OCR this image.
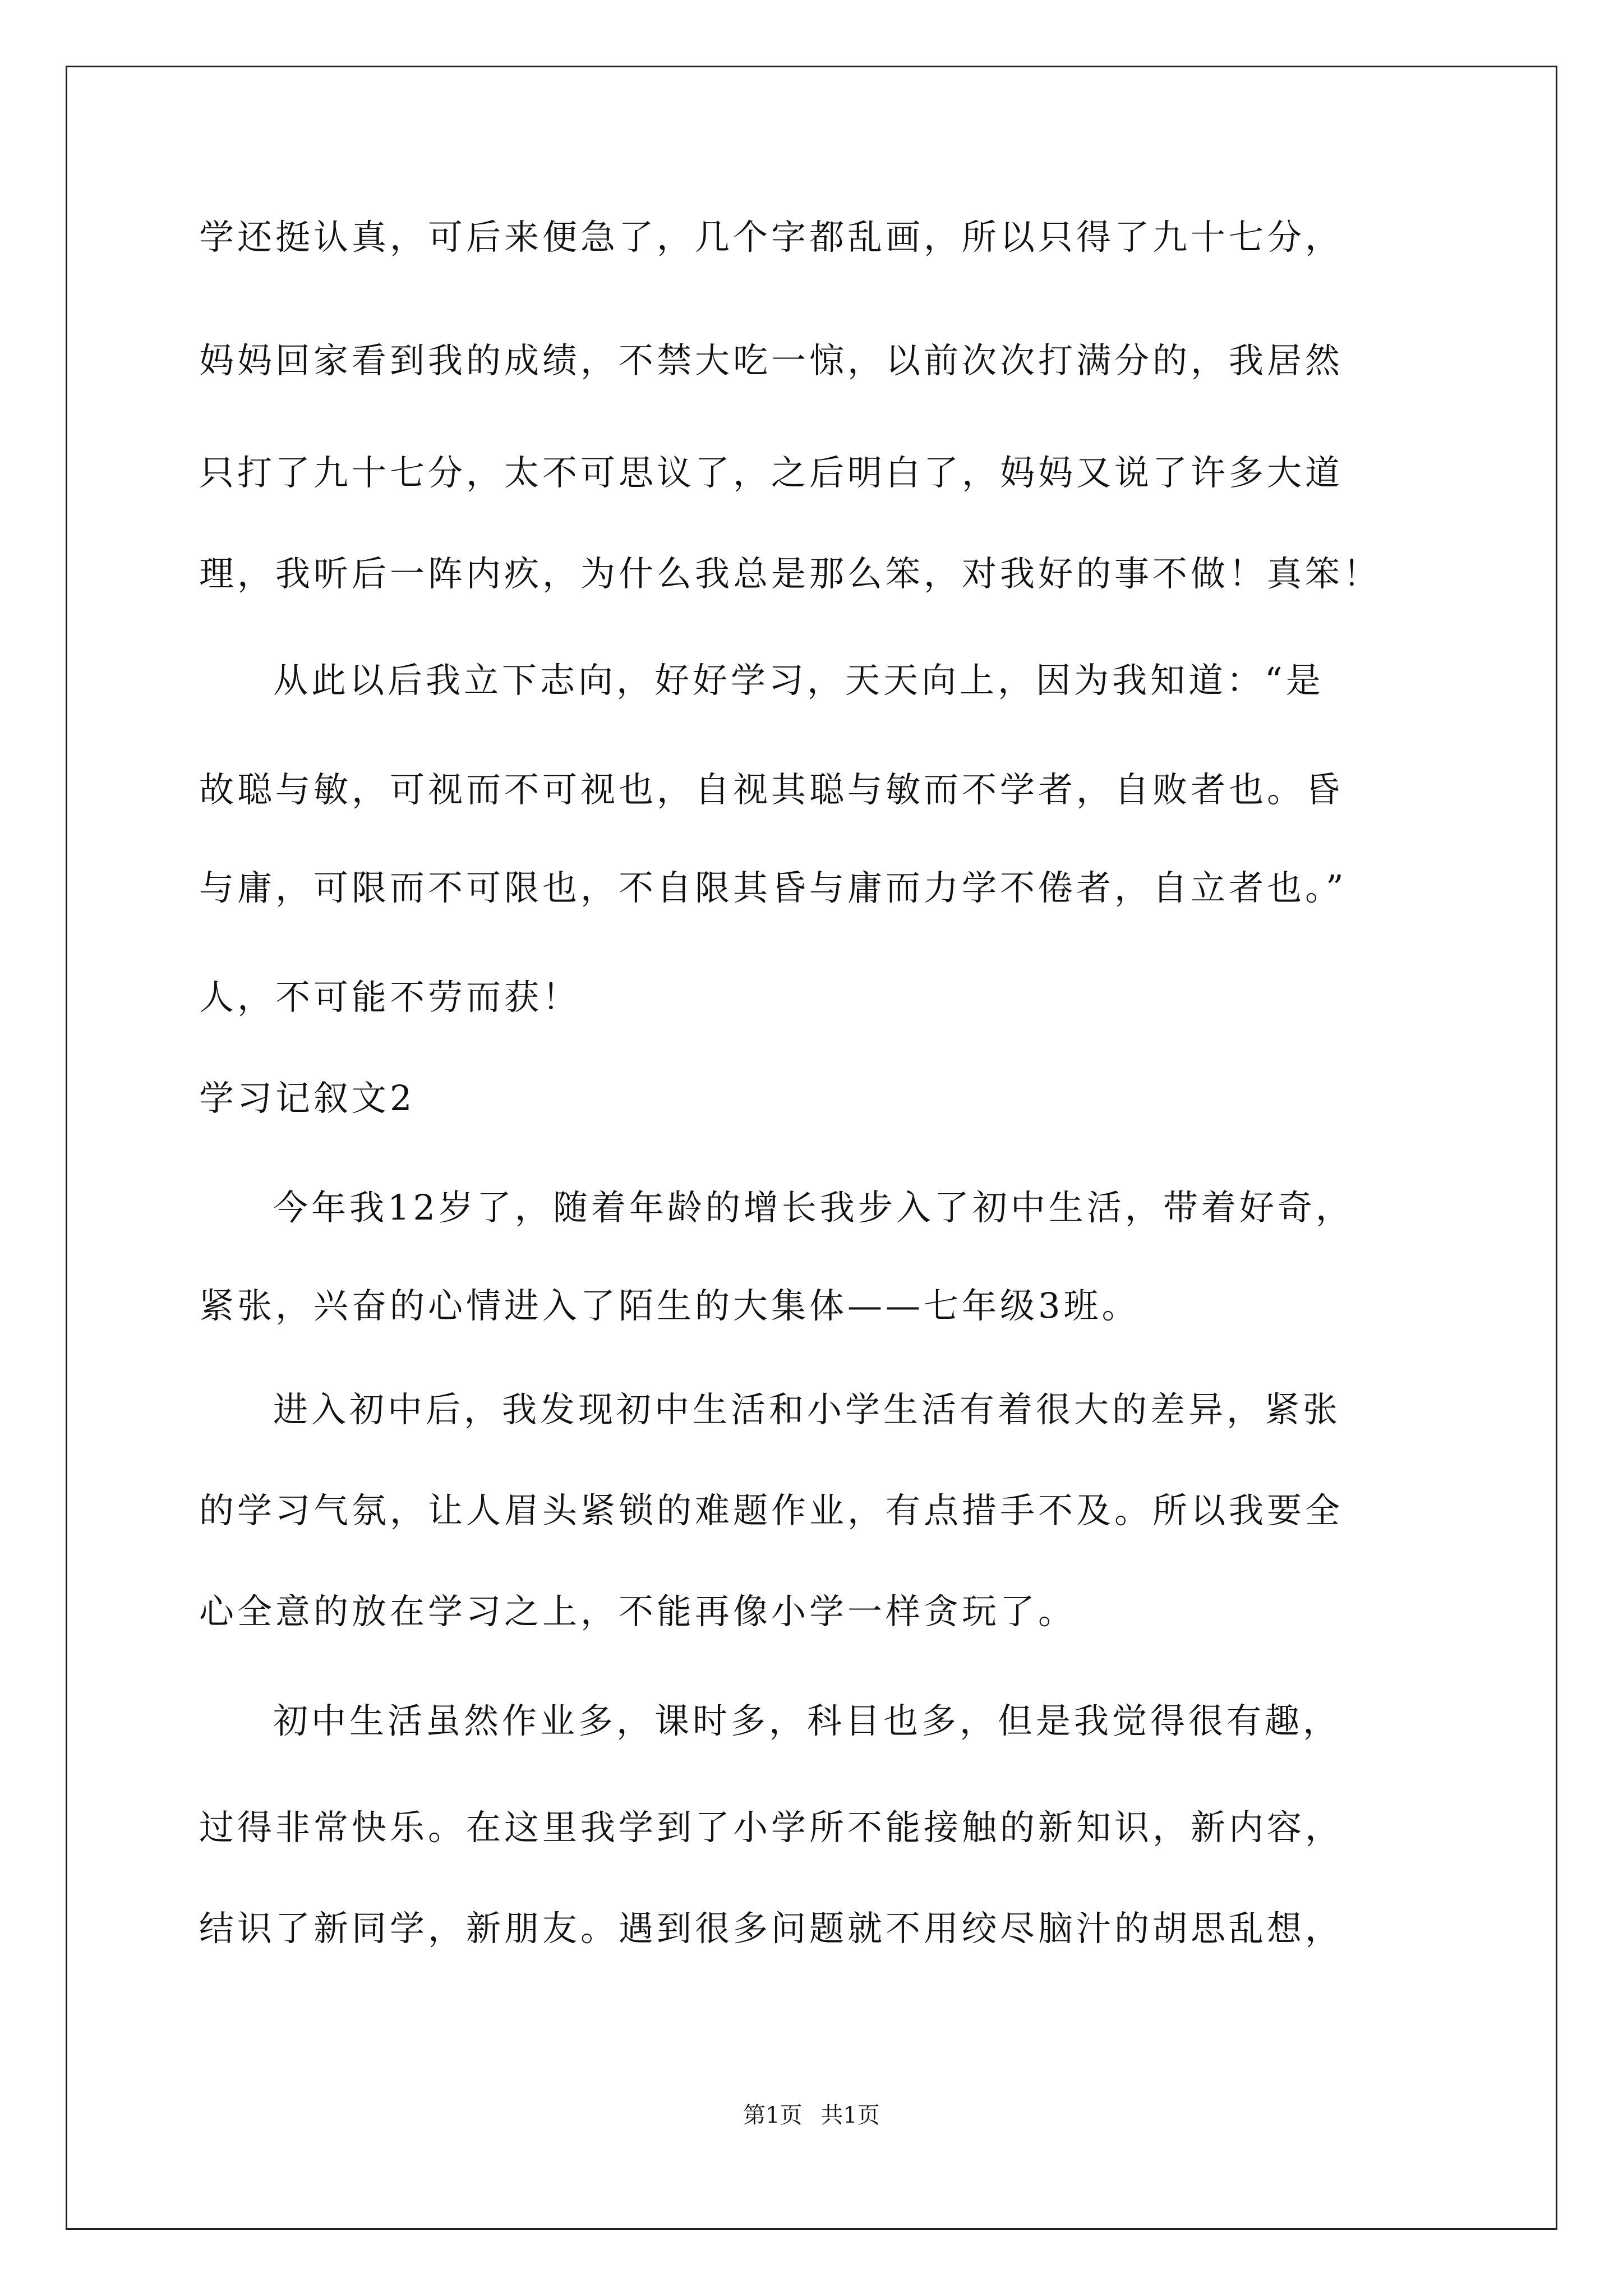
学还挺认真，可后来便急了，几个字都乱画，所以只得了九十七分，
妈妈回家看到我的成绩，不禁大吃一惊，以前次次打满分的，我居然
只打了九十七分，太不可思议了，之后明白了，妈妈又说了许多大道
理，我听后一阵内疚，为什么我总是那么笨，对我好的事不做！真笨！
从此以后我立下志向，好好学习，天天向上，因为我知道：“是
故聪与敏，可视而不可视也，自视其聪与敏而不学者，自败者也。昏
与庸，可限而不可限也，不自限其昏与庸而力学不倦者，自立者也。”
人，不可能不劳而获！
学习记叙文2
今年我12岁了，随着年龄的增长我步入了初中生活，带着好奇，
紧张，兴奋的心情进入了陌生的大集体——七年级3班。
进入初中后，我发现初中生活和小学生活有着很大的差异，紧张
的学习气氛，让人眉头紧锁的难题作业，有点措手不及。所以我要全
心全意的放在学习之上，不能再像小学一样贪玩了。
初中生活虽然作业多，课时多，科目也多，但是我觉得很有趣，
过得非常快乐。在这里我学到了小学所不能接触的新知识，新内容，
结识了新同学，新朋友。遇到很多问题就不用绞尽脑汁的胡思乱想，
第1页 共1页
